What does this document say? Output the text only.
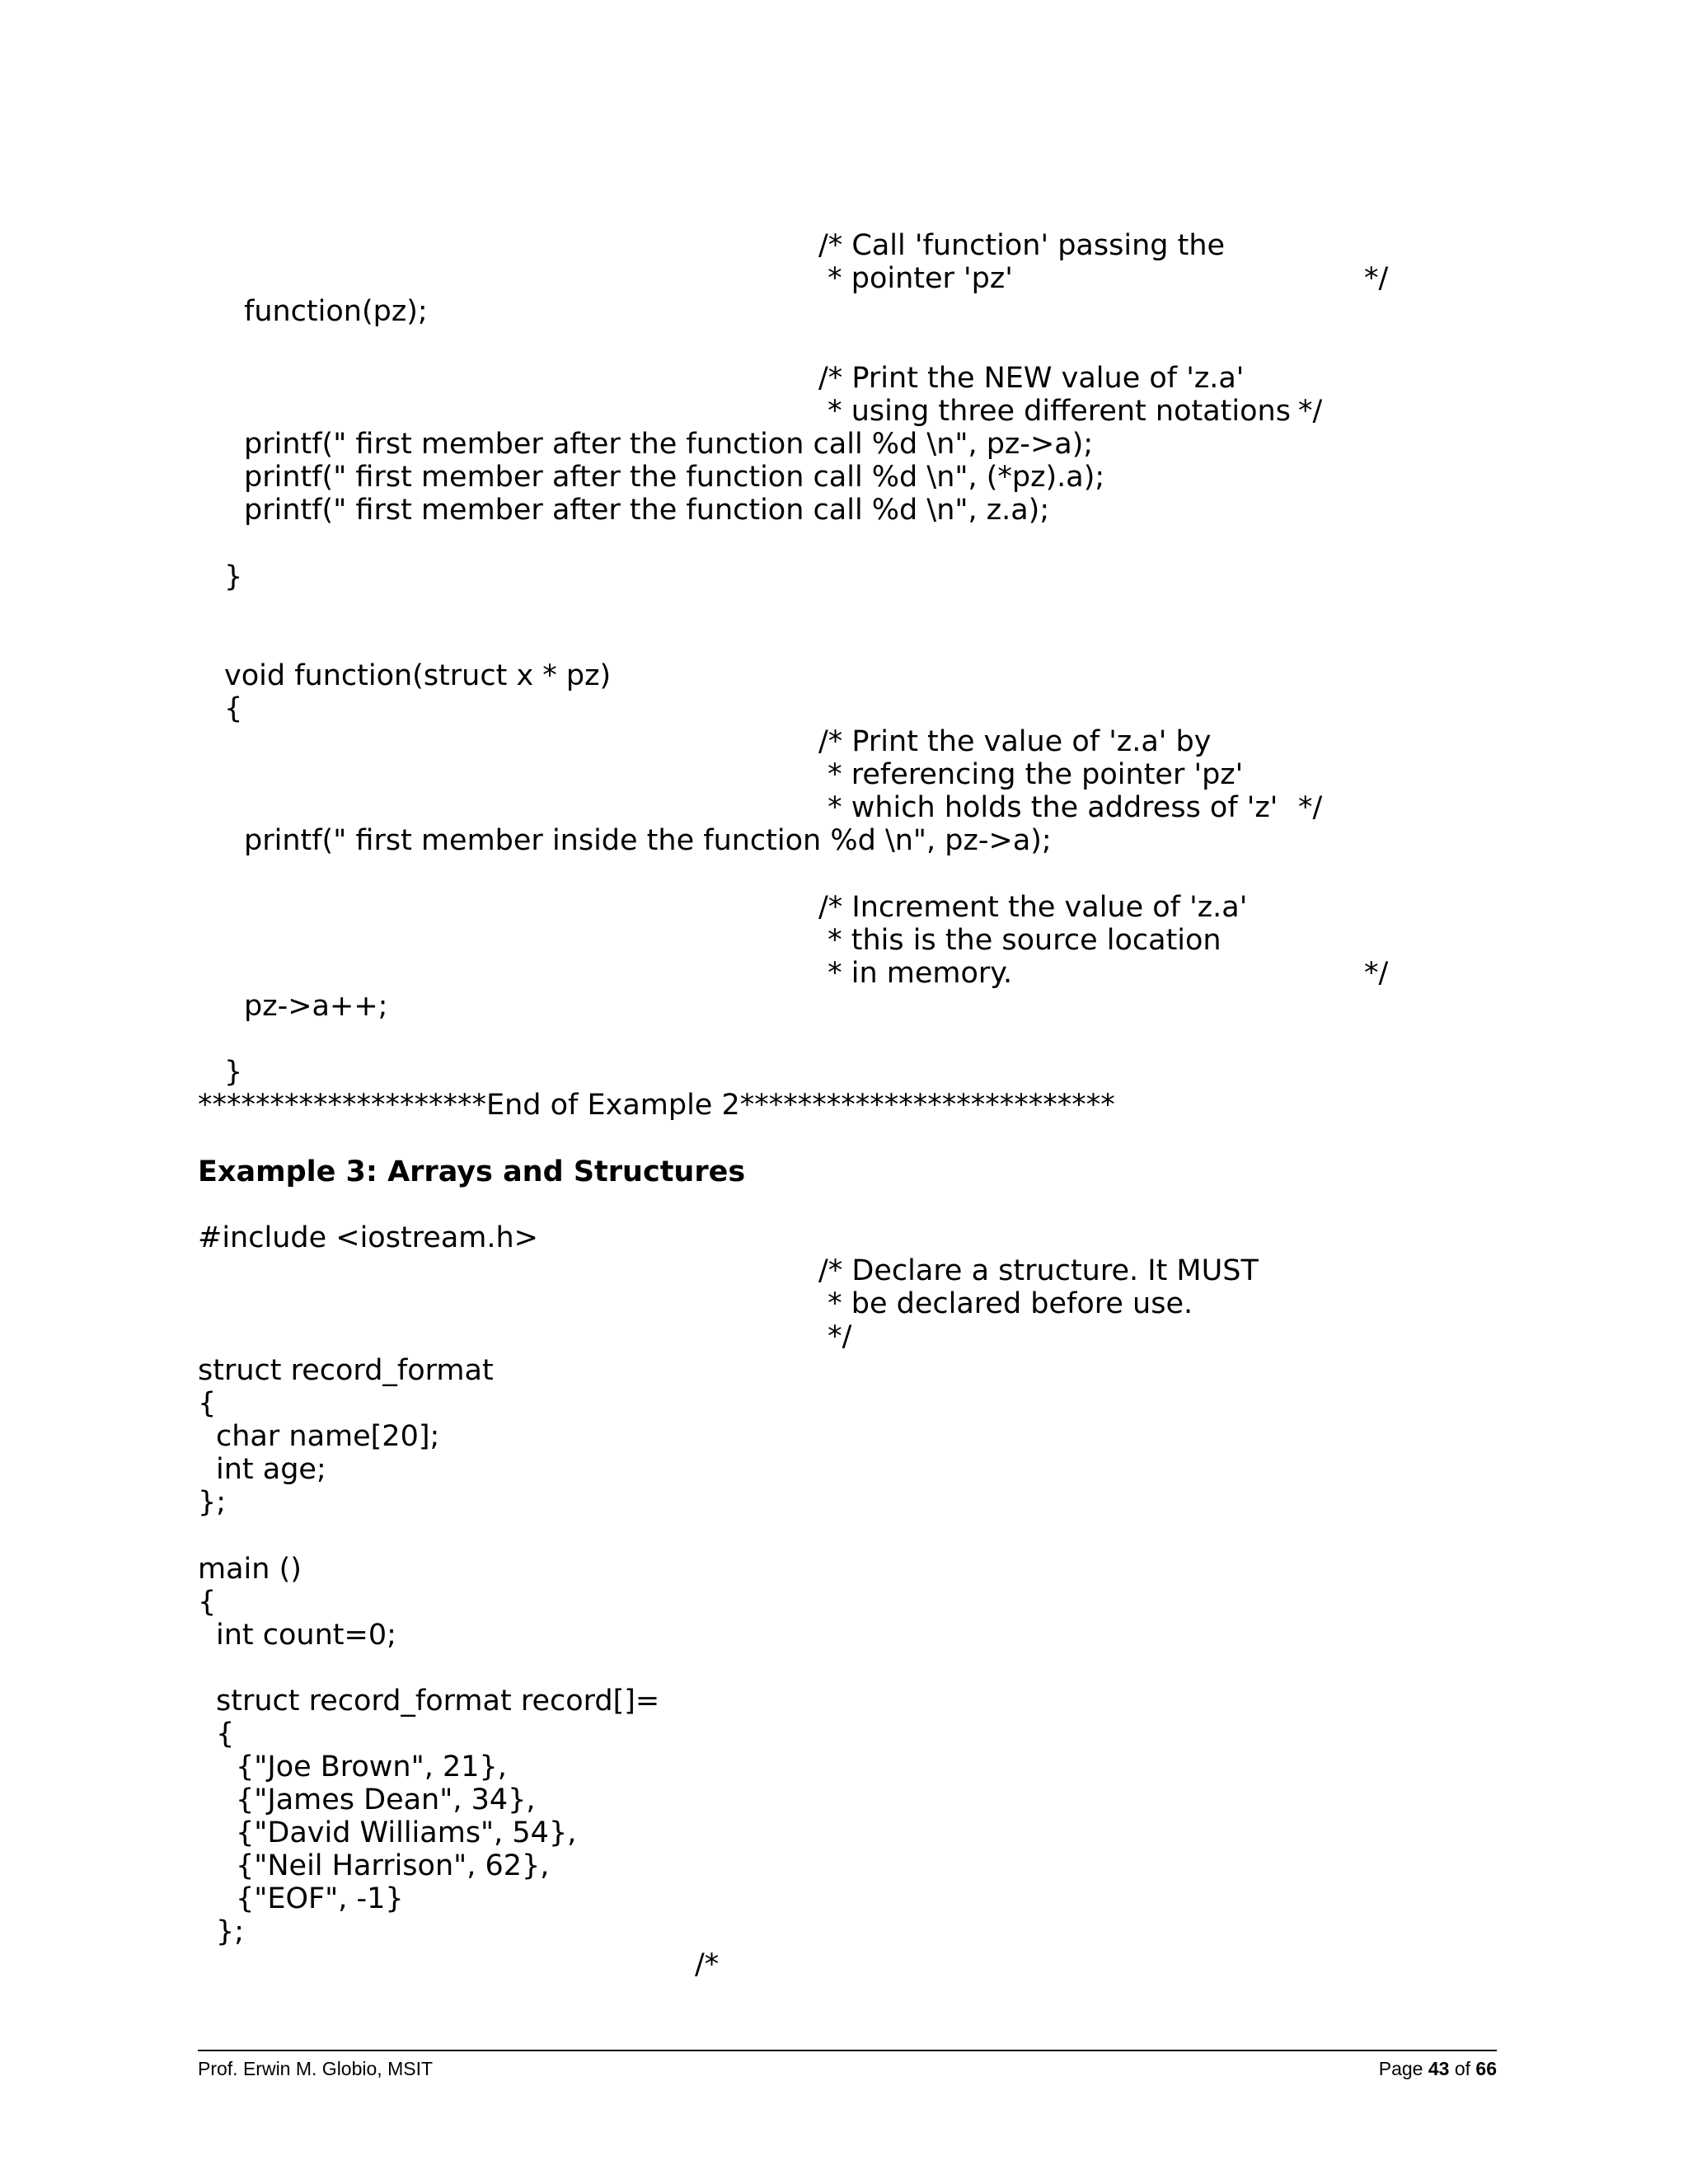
/* Call 'function' passing the

* pointer 'pz'	*/

function(pz);

/* Print the NEW value of 'z.a'

* using three different notations */

printf(" first member after the function call %d \n", pz->a);

printf(" first member after the function call %d \n", (*pz).a);

printf(" first member after the function call %d \n", z.a);

}

void function(struct x * pz)

{

/* Print the value of 'z.a' by

* referencing the pointer 'pz'

* which holds the address of 'z' */

printf(" first member inside the function %d \n", pz->a);

/* Increment the value of 'z.a'

* this is the source location

* in memory.	*/

pz->a++;

}

********************End of Example 2**************************

Example 3: Arrays and Structures

#include <iostream.h>

/* Declare a structure. It MUST

* be declared before use.

*/

struct record_format

{

char name[20];

int age;

};

main ()

{

int count=0;

struct record_format record[]=

{

{"Joe Brown", 21},

{"James Dean", 34},

{"David Williams", 54},

{"Neil Harrison", 62},

{"EOF", -1}

};

/*

Prof. Erwin M. Globio, MSIT	Page 43 of 66
